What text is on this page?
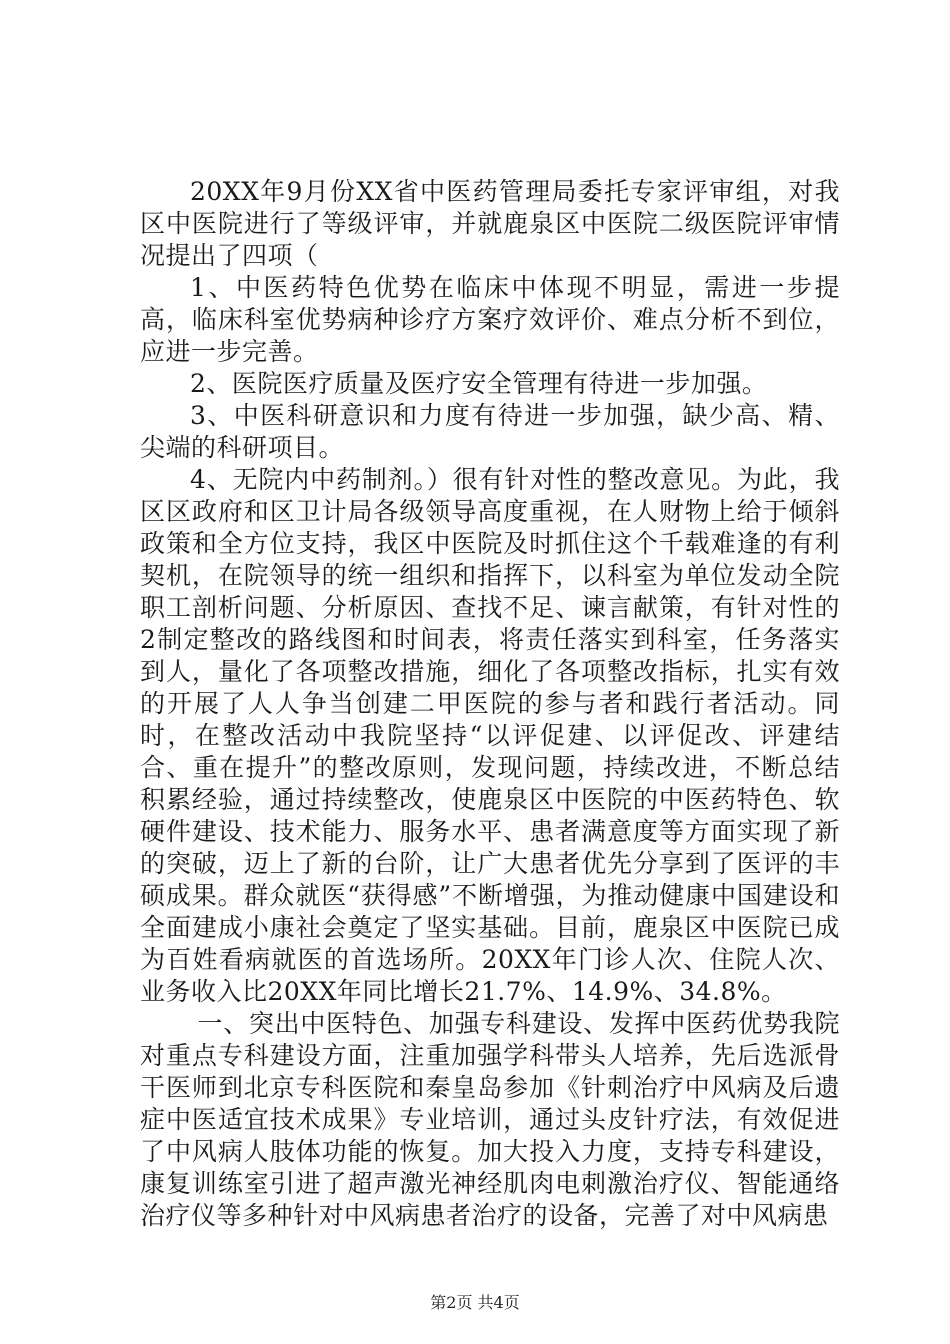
20XX年9月份XX省中医药管理局委托专家评审组，对我区中医院进行了等级评审，并就鹿泉区中医院二级医院评审情况提出了四项（

1、中医药特色优势在临床中体现不明显，需进一步提高，临床科室优势病种诊疗方案疗效评价、难点分析不到位，应进一步完善。

2、医院医疗质量及医疗安全管理有待进一步加强。

3、中医科研意识和力度有待进一步加强，缺少高、精、尖端的科研项目。

4、无院内中药制剂。）很有针对性的整改意见。为此，我区区政府和区卫计局各级领导高度重视，在人财物上给于倾斜政策和全方位支持，我区中医院及时抓住这个千载难逢的有利契机，在院领导的统一组织和指挥下，以科室为单位发动全院职工剖析问题、分析原因、查找不足、谏言献策，有针对性的2制定整改的路线图和时间表，将责任落实到科室，任务落实到人，量化了各项整改措施，细化了各项整改指标，扎实有效的开展了人人争当创建二甲医院的参与者和践行者活动。同时，在整改活动中我院坚持“以评促建、以评促改、评建结合、重在提升”的整改原则，发现问题，持续改进，不断总结积累经验，通过持续整改，使鹿泉区中医院的中医药特色、软硬件建设、技术能力、服务水平、患者满意度等方面实现了新的突破，迈上了新的台阶，让广大患者优先分享到了医评的丰硕成果。群众就医“获得感”不断增强，为推动健康中国建设和全面建成小康社会奠定了坚实基础。目前，鹿泉区中医院已成为百姓看病就医的首选场所。20XX年门诊人次、住院人次、业务收入比20XX年同比增长21.7%、14.9%、34.8%。

一、突出中医特色、加强专科建设、发挥中医药优势我院对重点专科建设方面，注重加强学科带头人培养，先后选派骨干医师到北京专科医院和秦皇岛参加《针刺治疗中风病及后遗症中医适宜技术成果》专业培训，通过头皮针疗法，有效促进了中风病人肢体功能的恢复。加大投入力度，支持专科建设，康复训练室引进了超声激光神经肌肉电刺激治疗仪、智能通络治疗仪等多种针对中风病患者治疗的设备，完善了对中风病患

第2页 共4页
